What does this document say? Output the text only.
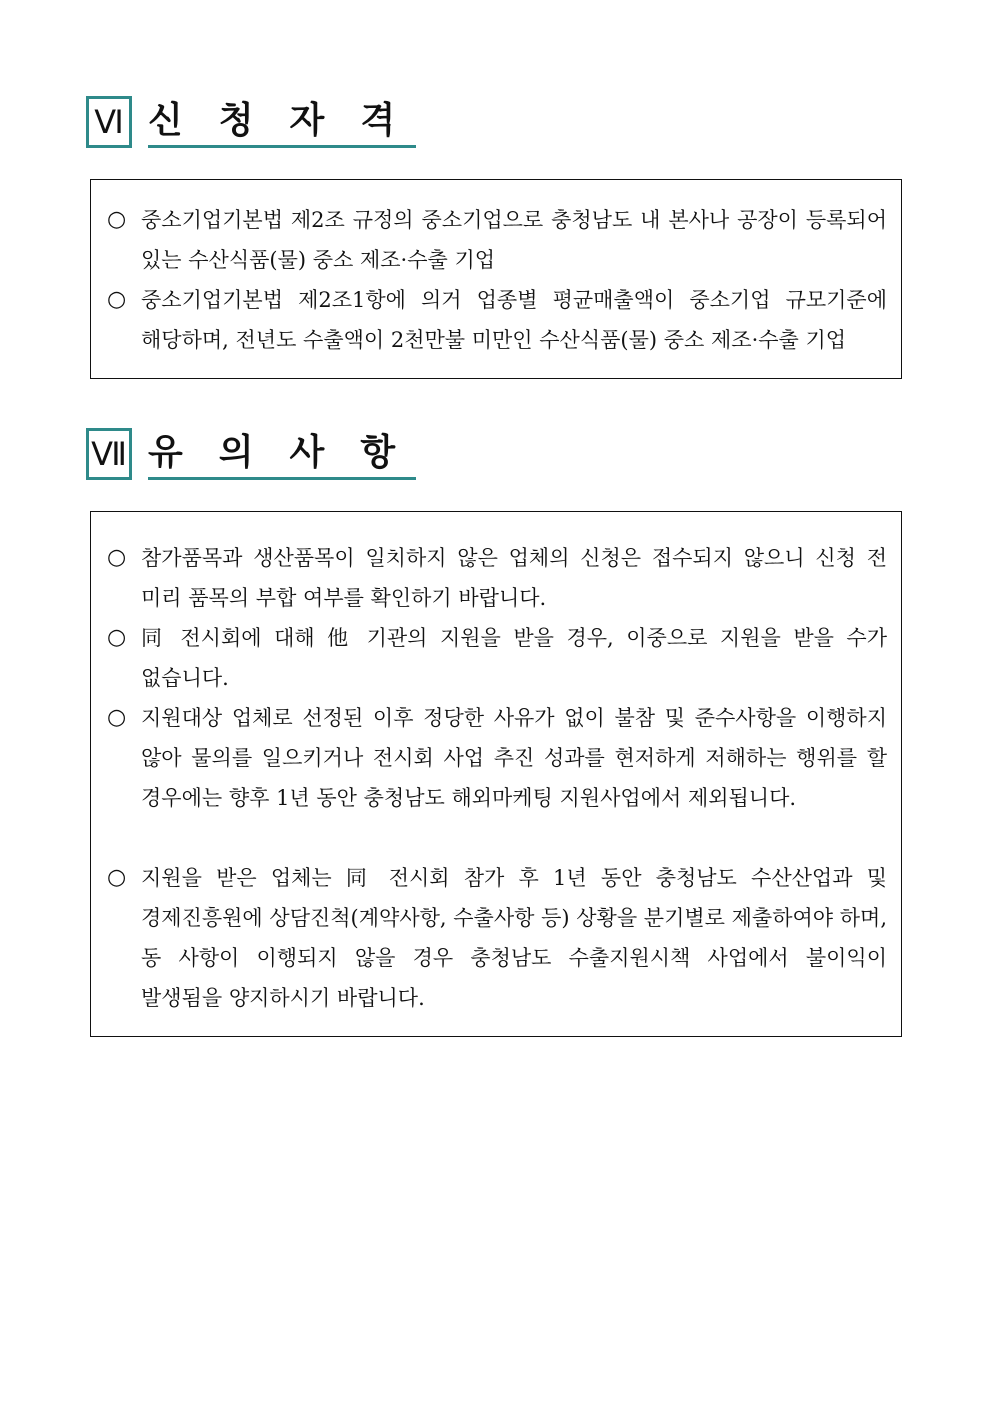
Ⅵ 신청자격
○ 중소기업기본법 제2조 규정의 중소기업으로 충청남도 내 본사나 공장이 등록되어 있는 수산식품(물) 중소 제조·수출 기업
○ 중소기업기본법 제2조1항에 의거 업종별 평균매출액이 중소기업 규모기준에 해당하며, 전년도 수출액이 2천만불 미만인 수산식품(물) 중소 제조·수출 기업
Ⅶ 유의사항
○ 참가품목과 생산품목이 일치하지 않은 업체의 신청은 접수되지 않으니 신청 전 미리 품목의 부합 여부를 확인하기 바랍니다.
○ 同 전시회에 대해 他 기관의 지원을 받을 경우, 이중으로 지원을 받을 수가 없습니다.
○ 지원대상 업체로 선정된 이후 정당한 사유가 없이 불참 및 준수사항을 이행하지 않아 물의를 일으키거나 전시회 사업 추진 성과를 현저하게 저해하는 행위를 할 경우에는 향후 1년 동안 충청남도 해외마케팅 지원사업에서 제외됩니다.
○ 지원을 받은 업체는 同 전시회 참가 후 1년 동안 충청남도 수산산업과 및 경제진흥원에 상담진척(계약사항, 수출사항 등) 상황을 분기별로 제출하여야 하며, 동 사항이 이행되지 않을 경우 충청남도 수출지원시책 사업에서 불이익이 발생됨을 양지하시기 바랍니다.
